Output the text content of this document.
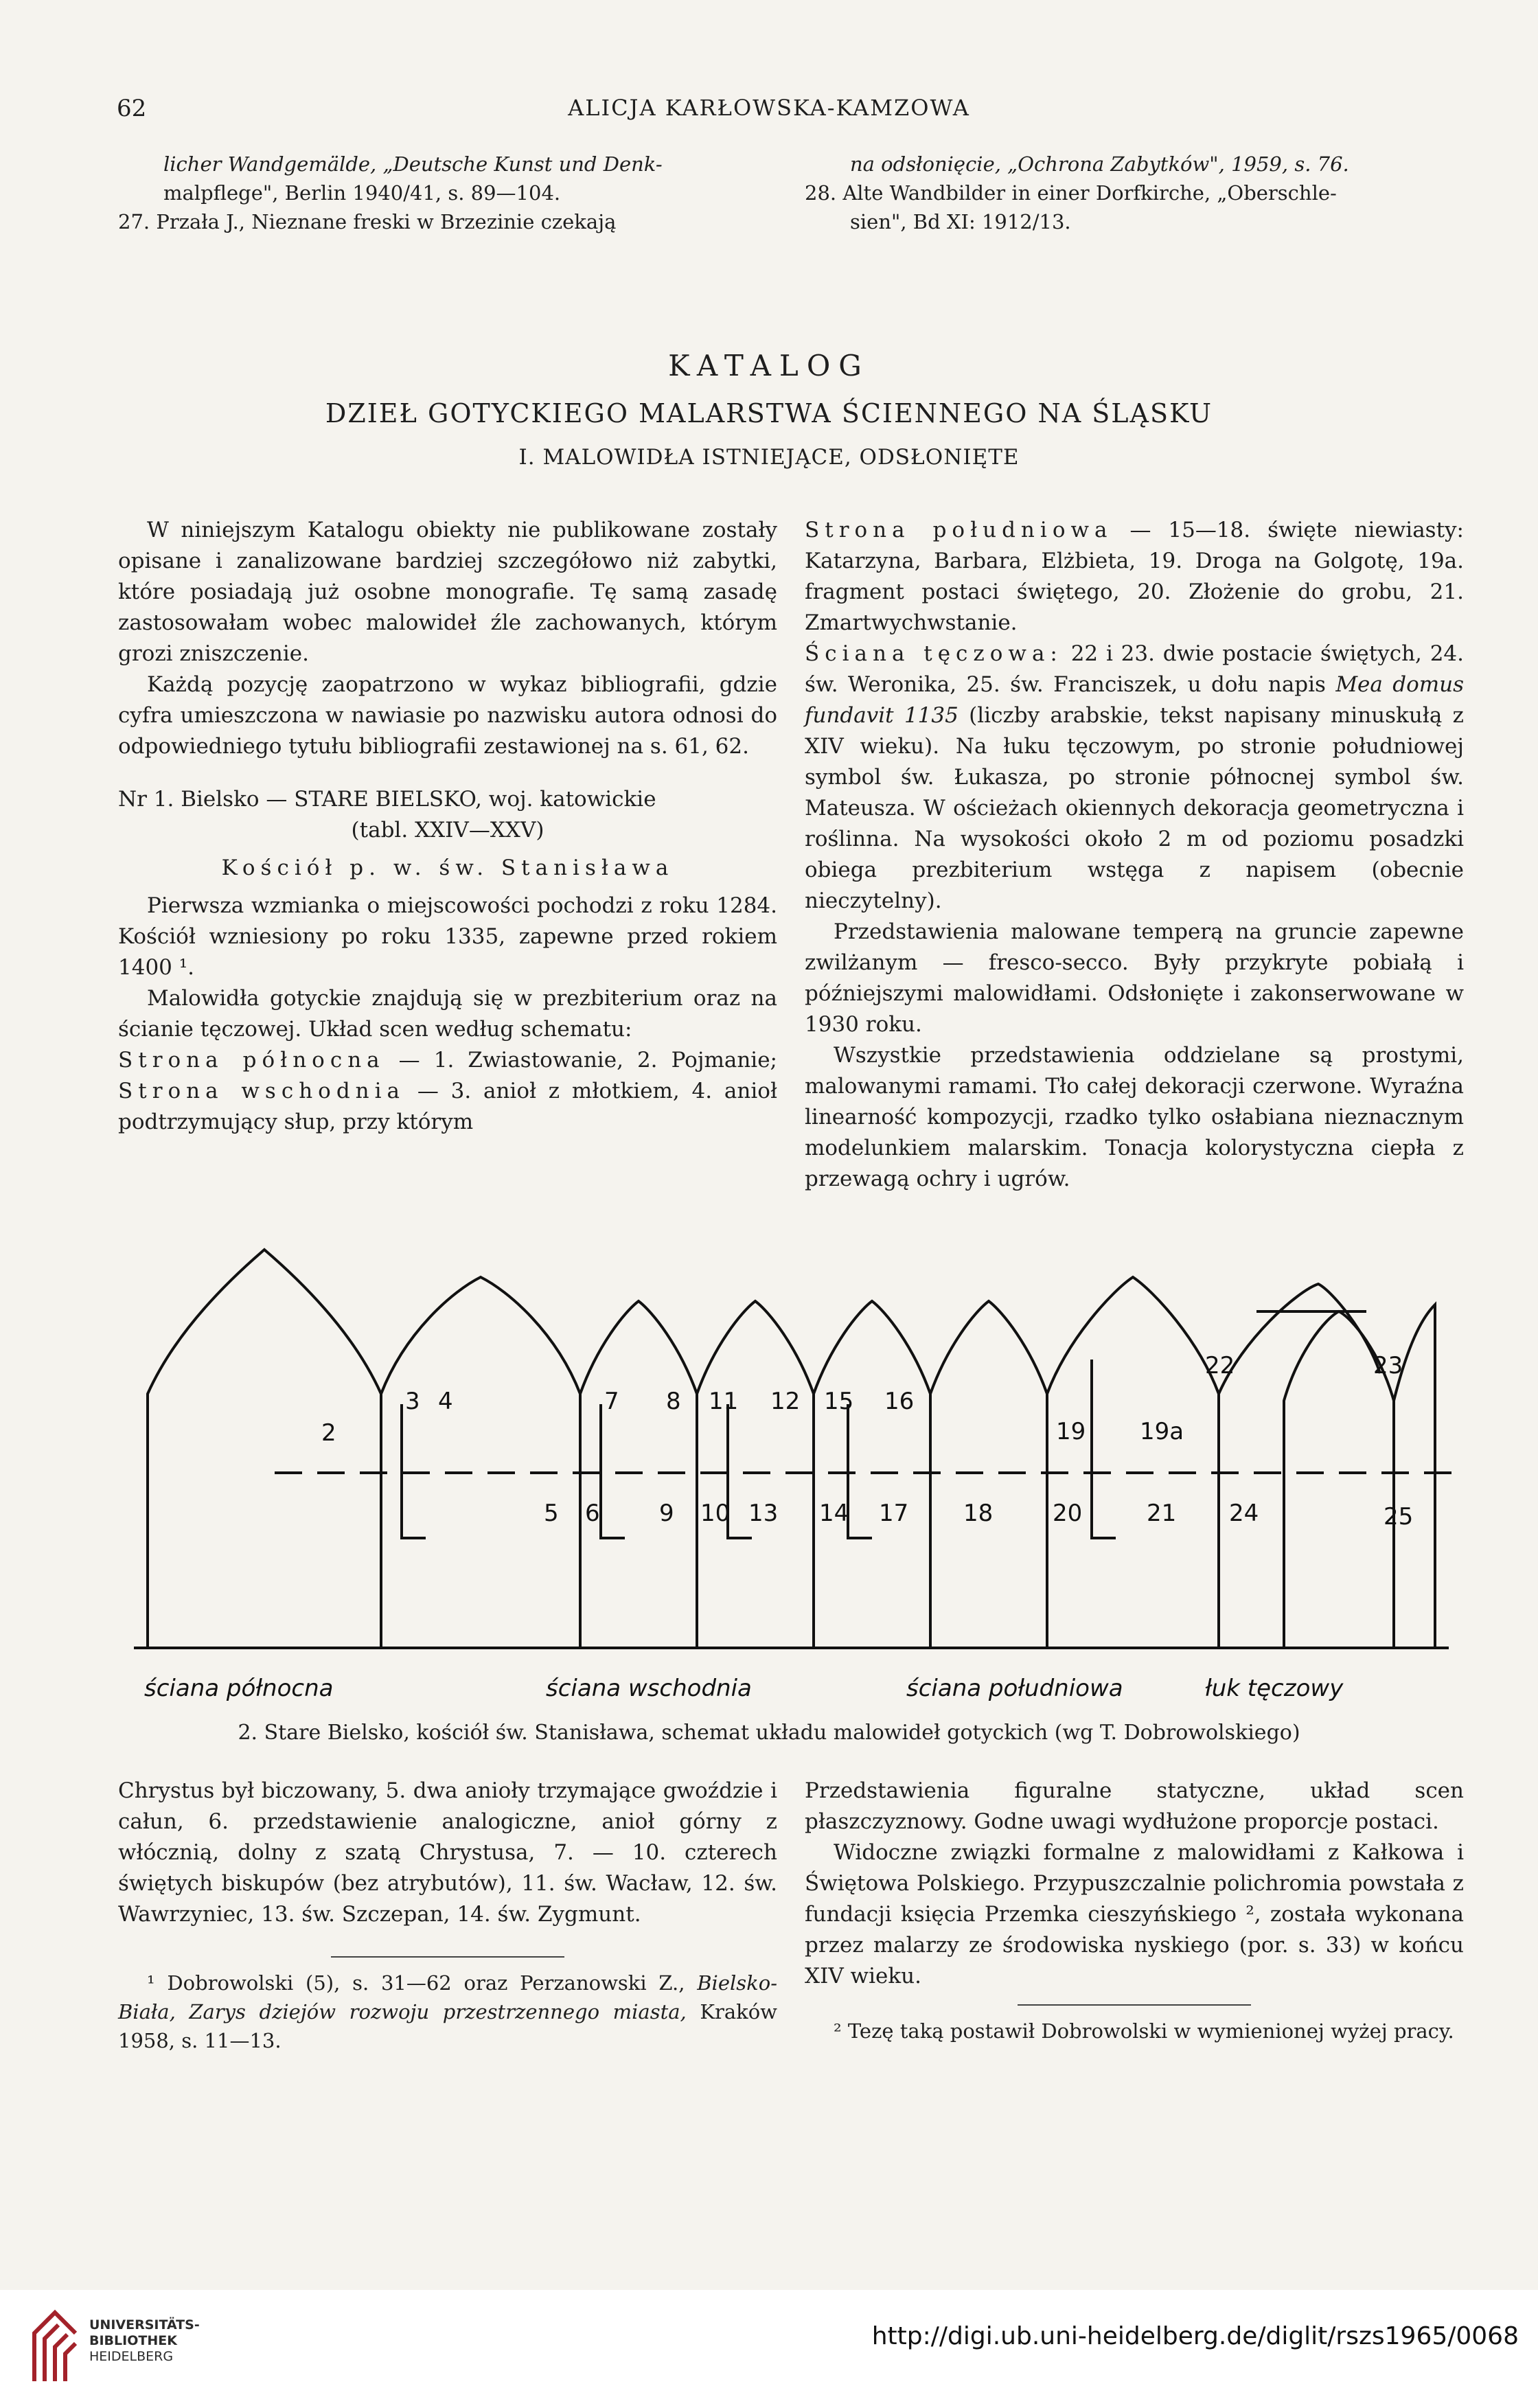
62	ALICJA KARŁOWSKA-KAMZOWA
licher Wandgemälde, „Deutsche Kunst und Denk-
malpflege", Berlin 1940/41, s. 89—104.
27. Przała J., Nieznane freski w Brzezinie czekają
na odsłonięcie, „Ochrona Zabytków", 1959, s. 76.
28. Alte Wandbilder in einer Dorfkirche, „Oberschle-
sien", Bd XI: 1912/13.
KATALOG
DZIEŁ GOTYCKIEGO MALARSTWA ŚCIENNEGO NA ŚLĄSKU
I. MALOWIDŁA ISTNIEJĄCE, ODSŁONIĘTE

W niniejszym Katalogu obiekty nie publikowane zostały opisane i zanalizowane bardziej szczegółowo niż zabytki, które posiadają już osobne monografie. Tę samą zasadę zastosowałam wobec malowideł źle zachowanych, którym grozi zniszczenie.

Każdą pozycję zaopatrzono w wykaz bibliografii, gdzie cyfra umieszczona w nawiasie po nazwisku autora odnosi do odpowiedniego tytułu bibliografii zestawionej na s. 61, 62.

Nr 1. Bielsko — STARE BIELSKO, woj. katowickie

(tabl. XXIV—XXV)

Kościół p. w. św. Stanisława

Pierwsza wzmianka o miejscowości pochodzi z roku 1284. Kościół wzniesiony po roku 1335, zapewne przed rokiem 1400 ¹.

Malowidła gotyckie znajdują się w prezbiterium oraz na ścianie tęczowej. Układ scen według schematu:

Strona północna — 1. Zwiastowanie, 2. Pojmanie; Strona wschodnia — 3. anioł z młotkiem, 4. anioł podtrzymujący słup, przy którym

Strona południowa — 15—18. święte niewiasty: Katarzyna, Barbara, Elżbieta, 19. Droga na Golgotę, 19a. fragment postaci świętego, 20. Złożenie do grobu, 21. Zmartwychwstanie.

Ściana tęczowa: 22 i 23. dwie postacie świętych, 24. św. Weronika, 25. św. Franciszek, u dołu napis Mea domus fundavit 1135 (liczby arabskie, tekst napisany minuskułą z XIV wieku). Na łuku tęczowym, po stronie południowej symbol św. Łukasza, po stronie północnej symbol św. Mateusza. W ościeżach okiennych dekoracja geometryczna i roślinna. Na wysokości około 2 m od poziomu posadzki obiega prezbiterium wstęga z napisem (obecnie nieczytelny).

Przedstawienia malowane temperą na gruncie zapewne zwilżanym — fresco-secco. Były przykryte pobiałą i późniejszymi malowidłami. Odsłonięte i zakonserwowane w 1930 roku.

Wszystkie przedstawienia oddzielane są prostymi, malowanymi ramami. Tło całej dekoracji czerwone. Wyraźna linearność kompozycji, rzadko tylko osłabiana nieznacznym modelunkiem malarskim. Tonacja kolorystyczna ciepła z przewagą ochry i ugrów.

2
3 4	7 8 11 12 15 16
19 19a
22	23
5 6	9 10 13 14 17 18	20	21 24	25
ściana północna	ściana wschodnia	ściana południowa	łuk tęczowy
2. Stare Bielsko, kościół św. Stanisława, schemat układu malowideł gotyckich (wg T. Dobrowolskiego)

Chrystus był biczowany, 5. dwa anioły trzymające gwoździe i całun, 6. przedstawienie analogiczne, anioł górny z włócznią, dolny z szatą Chrystusa, 7. — 10. czterech świętych biskupów (bez atrybutów), 11. św. Wacław, 12. św. Wawrzyniec, 13. św. Szczepan, 14. św. Zygmunt.

¹ Dobrowolski (5), s. 31—62 oraz Perzanowski Z., Bielsko-Biała, Zarys dziejów rozwoju przestrzennego miasta, Kraków 1958, s. 11—13.

Przedstawienia figuralne statyczne, układ scen płaszczyznowy. Godne uwagi wydłużone proporcje postaci.

Widoczne związki formalne z malowidłami z Kałkowa i Świętowa Polskiego. Przypuszczalnie polichromia powstała z fundacji księcia Przemka cieszyńskiego ², została wykonana przez malarzy ze środowiska nyskiego (por. s. 33) w końcu XIV wieku.

² Tezę taką postawił Dobrowolski w wymienionej wyżej pracy.

UNIVERSITÄTS-
BIBLIOTHEK
HEIDELBERG
http://digi.ub.uni-heidelberg.de/diglit/rszs1965/0068
